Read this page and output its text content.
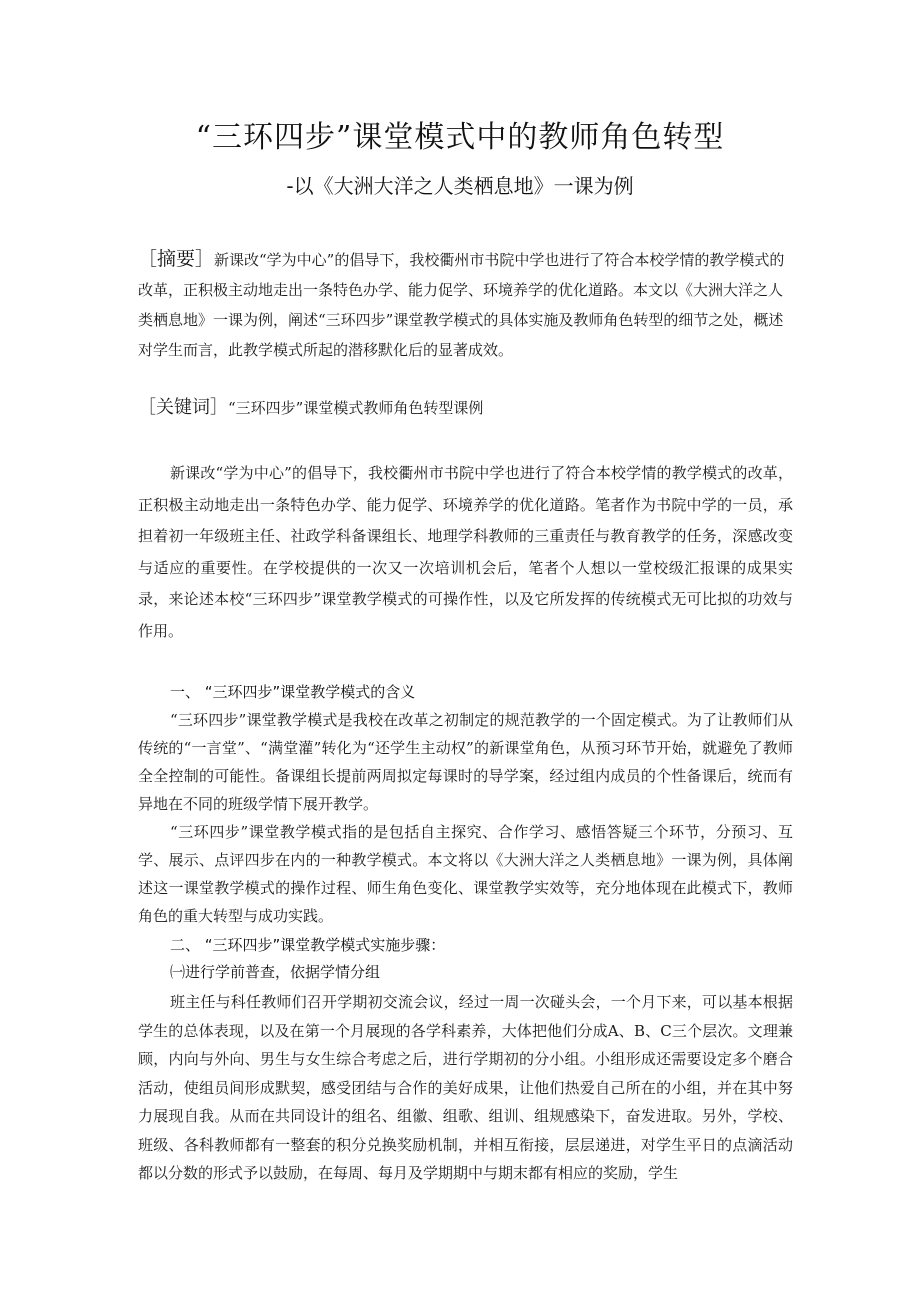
“三环四步”课堂模式中的教师角色转型
-以《大洲大洋之人类栖息地》一课为例
［摘要］新课改“学为中心”的倡导下，我校衢州市书院中学也进行了符合本校学情的教学模式的改革，正积极主动地走出一条特色办学、能力促学、环境养学的优化道路。本文以《大洲大洋之人类栖息地》一课为例，阐述“三环四步”课堂教学模式的具体实施及教师角色转型的细节之处，概述对学生而言，此教学模式所起的潜移默化后的显著成效。
［关键词］“三环四步”课堂模式教师角色转型课例
新课改“学为中心”的倡导下，我校衢州市书院中学也进行了符合本校学情的教学模式的改革，正积极主动地走出一条特色办学、能力促学、环境养学的优化道路。笔者作为书院中学的一员，承担着初一年级班主任、社政学科备课组长、地理学科教师的三重责任与教育教学的任务，深感改变与适应的重要性。在学校提供的一次又一次培训机会后，笔者个人想以一堂校级汇报课的成果实录，来论述本校“三环四步”课堂教学模式的可操作性，以及它所发挥的传统模式无可比拟的功效与作用。
一、 “三环四步”课堂教学模式的含义
“三环四步”课堂教学模式是我校在改革之初制定的规范教学的一个固定模式。为了让教师们从传统的“一言堂”、“满堂灌”转化为“还学生主动权”的新课堂角色，从预习环节开始，就避免了教师全全控制的可能性。备课组长提前两周拟定每课时的导学案，经过组内成员的个性备课后，统而有异地在不同的班级学情下展开教学。
“三环四步”课堂教学模式指的是包括自主探究、合作学习、感悟答疑三个环节，分预习、互学、展示、点评四步在内的一种教学模式。本文将以《大洲大洋之人类栖息地》一课为例，具体阐述这一课堂教学模式的操作过程、师生角色变化、课堂教学实效等，充分地体现在此模式下，教师角色的重大转型与成功实践。
二、 “三环四步”课堂教学模式实施步骤：
㈠进行学前普查，依据学情分组
班主任与科任教师们召开学期初交流会议，经过一周一次碰头会，一个月下来，可以基本根据学生的总体表现，以及在第一个月展现的各学科素养，大体把他们分成A、B、C三个层次。文理兼顾，内向与外向、男生与女生综合考虑之后，进行学期初的分小组。小组形成还需要设定多个磨合活动，使组员间形成默契，感受团结与合作的美好成果，让他们热爱自己所在的小组，并在其中努力展现自我。从而在共同设计的组名、组徽、组歌、组训、组规感染下，奋发进取。另外，学校、班级、各科教师都有一整套的积分兑换奖励机制，并相互衔接，层层递进，对学生平日的点滴活动都以分数的形式予以鼓励，在每周、每月及学期期中与期末都有相应的奖励，学生
